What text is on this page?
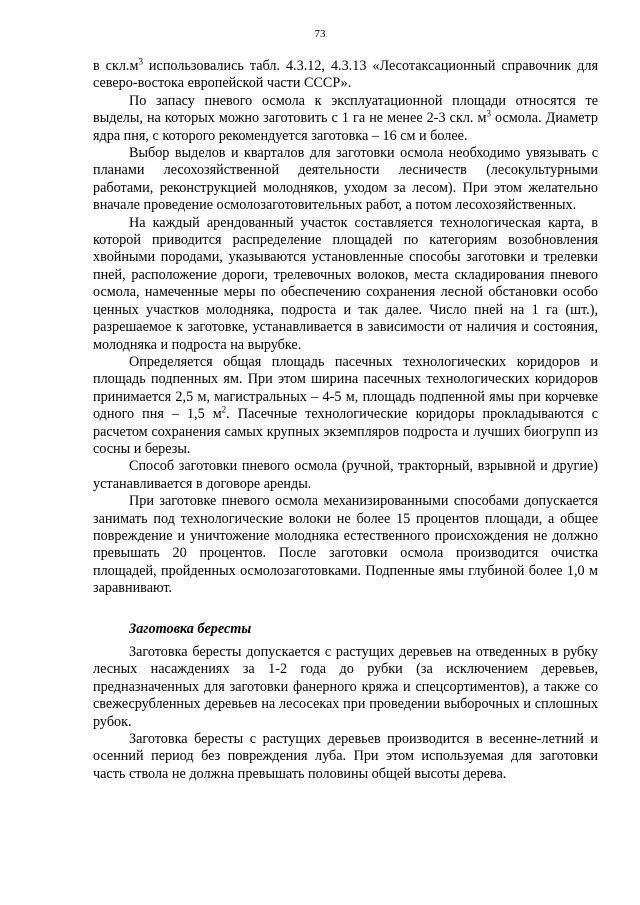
73

в $скл.м^3$ использовались табл. 4.3.12, 4.3.13 «Лесотаксационный справочник для северо-востока европейской части СССР».

По запасу пневого осмола к эксплуатационной площади относятся те выделы, на которых можно заготовить с 1 га не менее 2-3 скл. $м^3$ осмола. Диаметр ядра пня, с которого рекомендуется заготовка – 16 см и более.

Выбор выделов и кварталов для заготовки осмола необходимо увязывать с планами лесохозяйственной деятельности лесничеств (лесокультурными работами, реконструкцией молодняков, уходом за лесом). При этом желательно вначале проведение осмолозаготовительных работ, а потом лесохозяйственных.

На каждый арендованный участок составляется технологическая карта, в которой приводится распределение площадей по категориям возобновления хвойными породами, указываются установленные способы заготовки и трелевки пней, расположение дороги, трелевочных волоков, места складирования пневого осмола, намеченные меры по обеспечению сохранения лесной обстановки особо ценных участков молодняка, подроста и так далее. Число пней на 1 га (шт.), разрешаемое к заготовке, устанавливается в зависимости от наличия и состояния, молодняка и подроста на вырубке.

Определяется общая площадь пасечных технологических коридоров и площадь подпенных ям. При этом ширина пасечных технологических коридоров принимается 2,5 м, магистральных – 4-5 м, площадь подпенной ямы при корчевке одного пня – 1,5 $м^2$. Пасечные технологические коридоры прокладываются с расчетом сохранения самых крупных экземпляров подроста и лучших биогрупп из сосны и березы.

Способ заготовки пневого осмола (ручной, тракторный, взрывной и другие) устанавливается в договоре аренды.

При заготовке пневого осмола механизированными способами допускается занимать под технологические волоки не более 15 процентов площади, а общее повреждение и уничтожение молодняка естественного происхождения не должно превышать 20 процентов. После заготовки осмола производится очистка площадей, пройденных осмолозаготовками. Подпенные ямы глубиной более 1,0 м заравнивают.

Заготовка бересты

Заготовка бересты допускается с растущих деревьев на отведенных в рубку лесных насаждениях за 1-2 года до рубки (за исключением деревьев, предназначенных для заготовки фанерного кряжа и спецсортиментов), а также со свежесрубленных деревьев на лесосеках при проведении выборочных и сплошных рубок.

Заготовка бересты с растущих деревьев производится в весенне-летний и осенний период без повреждения луба. При этом используемая для заготовки часть ствола не должна превышать половины общей высоты дерева.
